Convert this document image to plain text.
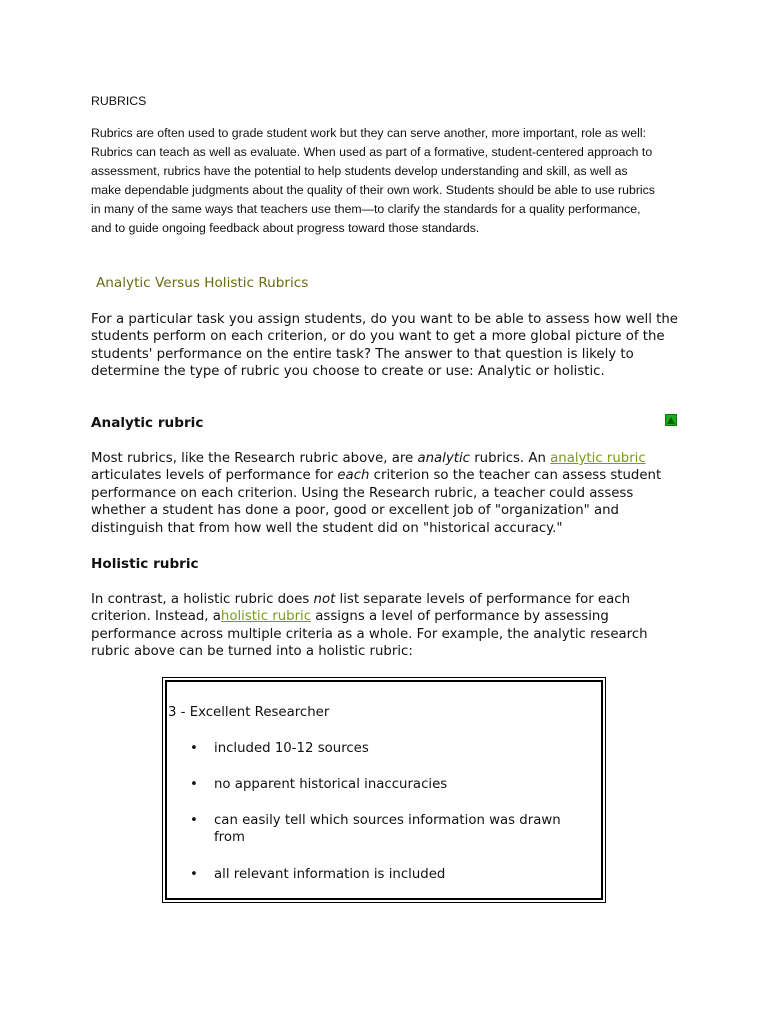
RUBRICS

Rubrics are often used to grade student work but they can serve another, more important, role as well: Rubrics can teach as well as evaluate. When used as part of a formative, student-centered approach to assessment, rubrics have the potential to help students develop understanding and skill, as well as make dependable judgments about the quality of their own work. Students should be able to use rubrics in many of the same ways that teachers use them—to clarify the standards for a quality performance, and to guide ongoing feedback about progress toward those standards.

Analytic Versus Holistic Rubrics

For a particular task you assign students, do you want to be able to assess how well the students perform on each criterion, or do you want to get a more global picture of the students' performance on the entire task? The answer to that question is likely to determine the type of rubric you choose to create or use: Analytic or holistic.

Analytic rubric

Most rubrics, like the Research rubric above, are analytic rubrics. An analytic rubric articulates levels of performance for each criterion so the teacher can assess student performance on each criterion. Using the Research rubric, a teacher could assess whether a student has done a poor, good or excellent job of "organization" and distinguish that from how well the student did on "historical accuracy."

Holistic rubric

In contrast, a holistic rubric does not list separate levels of performance for each criterion. Instead, aholistic rubric assigns a level of performance by assessing performance across multiple criteria as a whole. For example, the analytic research rubric above can be turned into a holistic rubric:

3 - Excellent Researcher
• included 10-12 sources
• no apparent historical inaccuracies
• can easily tell which sources information was drawn from
• all relevant information is included
